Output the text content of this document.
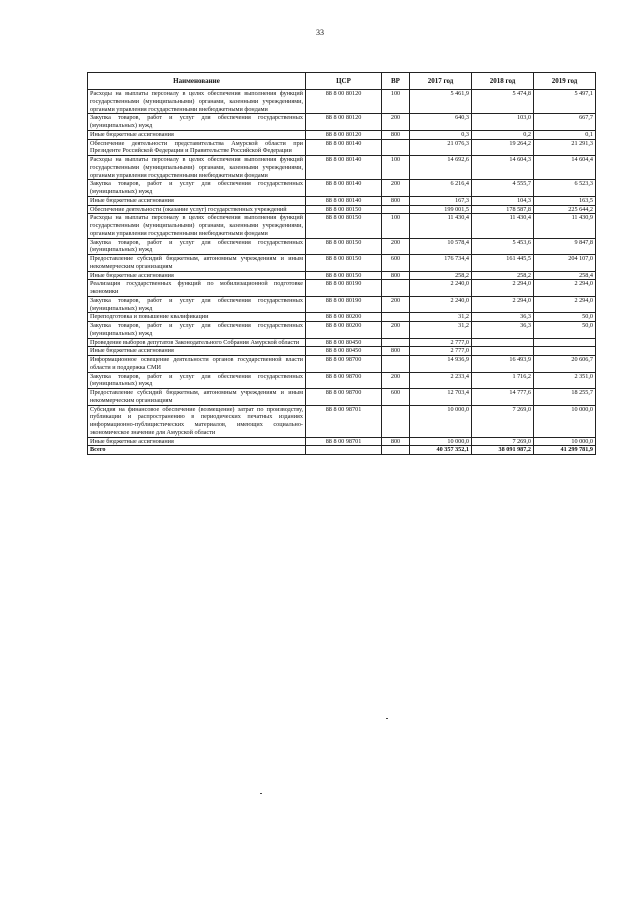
33
Наименование	ЦСР	ВР	2017 год	2018 год	2019 год
Расходы на выплаты персоналу в целях обеспечения выполнения функций государственными (муниципальными) органами, казенными учреждениями, органами управления государственными внебюджетными фондами	88 8 00 80120	100	5 461,9	5 474,8	5 497,1
Закупка товаров, работ и услуг для обеспечения государственных (муниципальных) нужд	88 8 00 80120	200	640,3	103,0	667,7
Иные бюджетные ассигнования	88 8 00 80120	800	0,3	0,2	0,1
Обеспечение деятельности представительства Амурской области при Президенте Российской Федерации и Правительстве Российской Федерации	88 8 00 80140		21 076,3	19 264,2	21 291,3
Расходы на выплаты персоналу в целях обеспечения выполнения функций государственными (муниципальными) органами, казенными учреждениями, органами управления государственными внебюджетными фондами	88 8 00 80140	100	14 692,6	14 604,3	14 604,4
Закупка товаров, работ и услуг для обеспечения государственных (муниципальных) нужд	88 8 00 80140	200	6 216,4	4 555,7	6 523,3
Иные бюджетные ассигнования	88 8 00 80140	800	167,3	104,3	163,5
Обеспечение деятельности (оказание услуг) государственных учреждений	88 8 00 80150		199 001,5	178 587,8	225 644,2
Расходы на выплаты персоналу в целях обеспечения выполнения функций государственными (муниципальными) органами, казенными учреждениями, органами управления государственными внебюджетными фондами	88 8 00 80150	100	11 430,4	11 430,4	11 430,9
Закупка товаров, работ и услуг для обеспечения государственных (муниципальных) нужд	88 8 00 80150	200	10 578,4	5 453,6	9 847,8
Предоставление субсидий бюджетным, автономным учреждениям и иным некоммерческим организациям	88 8 00 80150	600	176 734,4	161 445,5	204 107,0
Иные бюджетные ассигнования	88 8 00 80150	800	258,2	258,2	258,4
Реализация государственных функций по мобилизационной подготовке экономики	88 8 00 80190		2 240,0	2 294,0	2 294,0
Закупка товаров, работ и услуг для обеспечения государственных (муниципальных) нужд	88 8 00 80190	200	2 240,0	2 294,0	2 294,0
Переподготовка и повышение квалификации	88 8 00 80200		31,2	36,3	50,0
Закупка товаров, работ и услуг для обеспечения государственных (муниципальных) нужд	88 8 00 80200	200	31,2	36,3	50,0
Проведение выборов депутатов Законодательного Собрания Амурской области	88 8 00 80450		2 777,0		
Иные бюджетные ассигнования	88 8 00 80450	800	2 777,0		
Информационное освещение деятельности органов государственной власти области и поддержка СМИ	88 8 00 98700		14 936,9	16 493,9	20 606,7
Закупка товаров, работ и услуг для обеспечения государственных (муниципальных) нужд	88 8 00 98700	200	2 233,4	1 716,2	2 351,0
Предоставление субсидий бюджетным, автономным учреждениям и иным некоммерческим организациям	88 8 00 98700	600	12 703,4	14 777,6	18 255,7
Субсидия на финансовое обеспечение (возмещение) затрат по производству, публикации и распространению в периодических печатных изданиях информационно-публицистических материалов, имеющих социально-экономическое значение для Амурской области	88 8 00 98701		10 000,0	7 269,0	10 000,0
Иные бюджетные ассигнования	88 8 00 98701	800	10 000,0	7 269,0	10 000,0
Всего			40 357 352,1	38 091 987,2	41 299 781,9
